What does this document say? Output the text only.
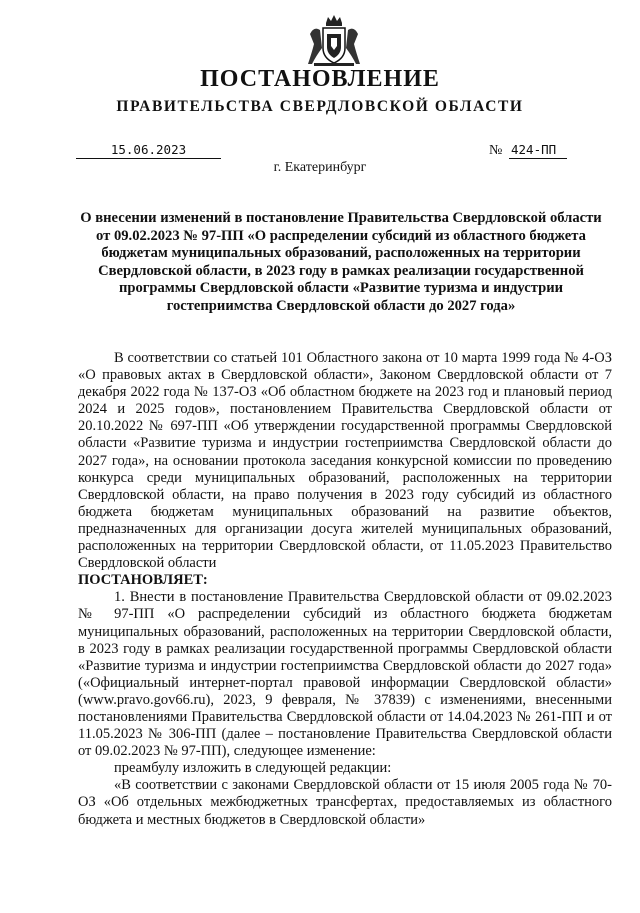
ПОСТАНОВЛЕНИЕ
ПРАВИТЕЛЬСТВА СВЕРДЛОВСКОЙ ОБЛАСТИ
15.06.2023	№ 424-ПП
г. Екатеринбург
О внесении изменений в постановление Правительства Свердловской области от 09.02.2023 № 97-ПП «О распределении субсидий из областного бюджета бюджетам муниципальных образований, расположенных на территории Свердловской области, в 2023 году в рамках реализации государственной программы Свердловской области «Развитие туризма и индустрии гостеприимства Свердловской области до 2027 года»

В соответствии со статьей 101 Областного закона от 10 марта 1999 года № 4-ОЗ «О правовых актах в Свердловской области», Законом Свердловской области от 7 декабря 2022 года № 137-ОЗ «Об областном бюджете на 2023 год и плановый период 2024 и 2025 годов», постановлением Правительства Свердловской области от 20.10.2022 № 697-ПП «Об утверждении государственной программы Свердловской области «Развитие туризма и индустрии гостеприимства Свердловской области до 2027 года», на основании протокола заседания конкурсной комиссии по проведению конкурса среди муниципальных образований, расположенных на территории Свердловской области, на право получения в 2023 году субсидий из областного бюджета бюджетам муниципальных образований на развитие объектов, предназначенных для организации досуга жителей муниципальных образований, расположенных на территории Свердловской области, от 11.05.2023 Правительство Свердловской области

ПОСТАНОВЛЯЕТ:

1. Внести в постановление Правительства Свердловской области от 09.02.2023 № 97-ПП «О распределении субсидий из областного бюджета бюджетам муниципальных образований, расположенных на территории Свердловской области, в 2023 году в рамках реализации государственной программы Свердловской области «Развитие туризма и индустрии гостеприимства Свердловской области до 2027 года» («Официальный интернет-портал правовой информации Свердловской области» (www.pravo.gov66.ru), 2023, 9 февраля, № 37839) с изменениями, внесенными постановлениями Правительства Свердловской области от 14.04.2023 № 261-ПП и от 11.05.2023 № 306-ПП (далее – постановление Правительства Свердловской области от 09.02.2023 № 97-ПП), следующее изменение:

преамбулу изложить в следующей редакции:

«В соответствии с законами Свердловской области от 15 июля 2005 года № 70-ОЗ «Об отдельных межбюджетных трансфертах, предоставляемых из областного бюджета и местных бюджетов в Свердловской области»
